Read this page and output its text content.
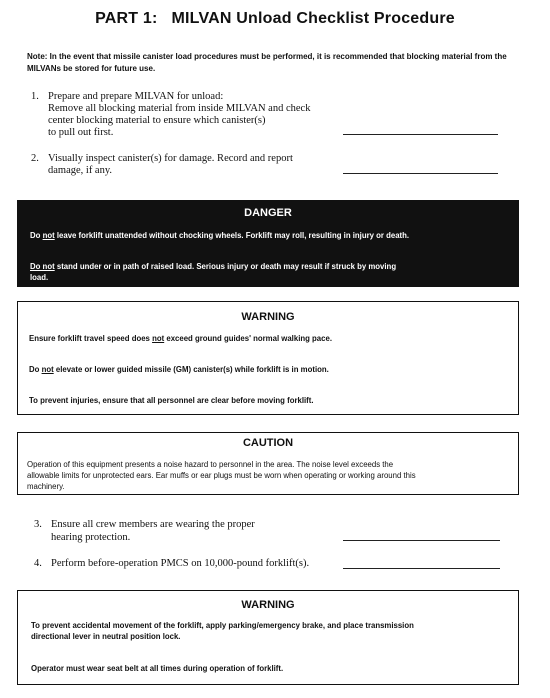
PART 1:   MILVAN Unload Checklist Procedure
Note: In the event that missile canister load procedures must be performed, it is recommended that blocking material from the MILVANs be stored for future use.
1. Prepare and prepare MILVAN for unload:
Remove all blocking material from inside MILVAN and check
center blocking material to ensure which canister(s)
to pull out first.
2. Visually inspect canister(s) for damage. Record and report
damage, if any.
DANGER
Do not leave forklift unattended without chocking wheels. Forklift may roll, resulting in injury or death.
Do not stand under or in path of raised load. Serious injury or death may result if struck by moving
load.
WARNING
Ensure forklift travel speed does not exceed ground guides' normal walking pace.
Do not elevate or lower guided missile (GM) canister(s) while forklift is in motion.
To prevent injuries, ensure that all personnel are clear before moving forklift.
CAUTION
Operation of this equipment presents a noise hazard to personnel in the area. The noise level exceeds the
allowable limits for unprotected ears. Ear muffs or ear plugs must be worn when operating or working around this
machinery.
3. Ensure all crew members are wearing the proper
hearing protection.
4. Perform before-operation PMCS on 10,000-pound forklift(s).
WARNING
To prevent accidental movement of the forklift, apply parking/emergency brake, and place transmission
directional lever in neutral position lock.
Operator must wear seat belt at all times during operation of forklift.
